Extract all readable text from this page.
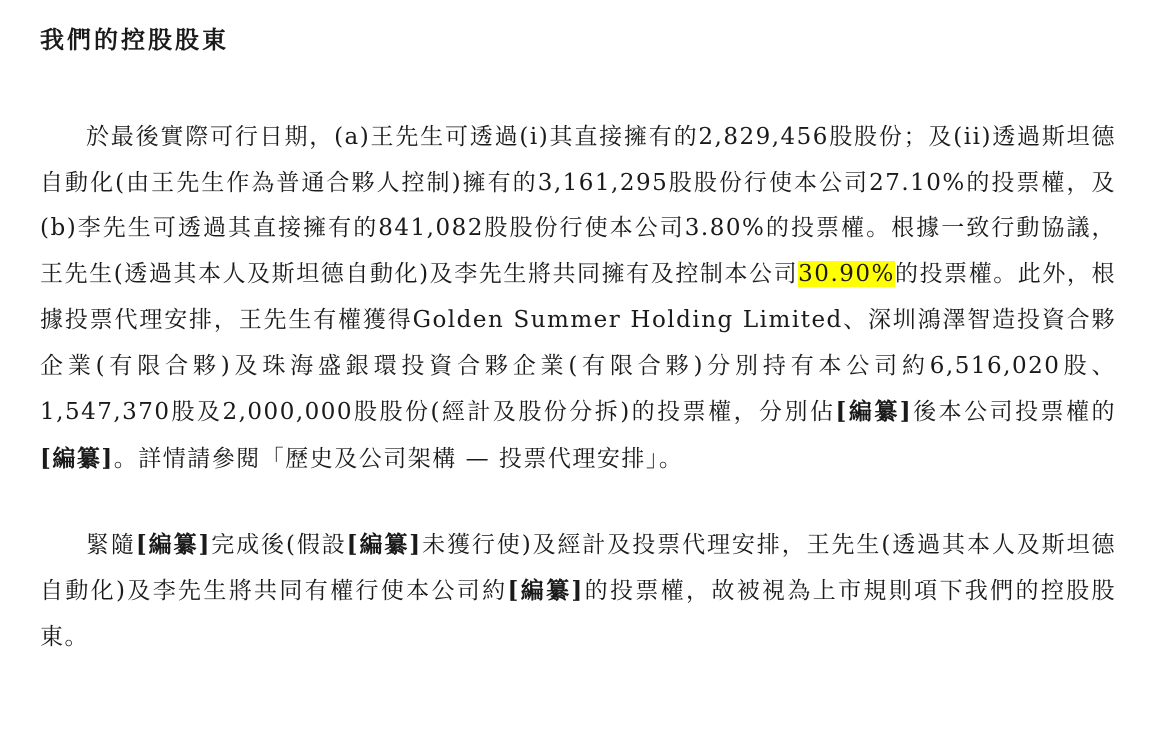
我們的控股股東

於最後實際可行日期，(a)王先生可透過(i)其直接擁有的2,829,456股股份；及(ii)透過斯坦德自動化(由王先生作為普通合夥人控制)擁有的3,161,295股股份行使本公司27.10%的投票權，及(b)李先生可透過其直接擁有的841,082股股份行使本公司3.80%的投票權。根據一致行動協議，王先生(透過其本人及斯坦德自動化)及李先生將共同擁有及控制本公司30.90%的投票權。此外，根據投票代理安排，王先生有權獲得Golden Summer Holding Limited、深圳鴻澤智造投資合夥企業(有限合夥)及珠海盛銀環投資合夥企業(有限合夥)分別持有本公司約6,516,020股、1,547,370股及2,000,000股股份(經計及股份分拆)的投票權，分別佔[編纂]後本公司投票權的[編纂]。詳情請參閱「歷史及公司架構 — 投票代理安排」。

緊隨[編纂]完成後(假設[編纂]未獲行使)及經計及投票代理安排，王先生(透過其本人及斯坦德自動化)及李先生將共同有權行使本公司約[編纂]的投票權，故被視為上市規則項下我們的控股股東。
